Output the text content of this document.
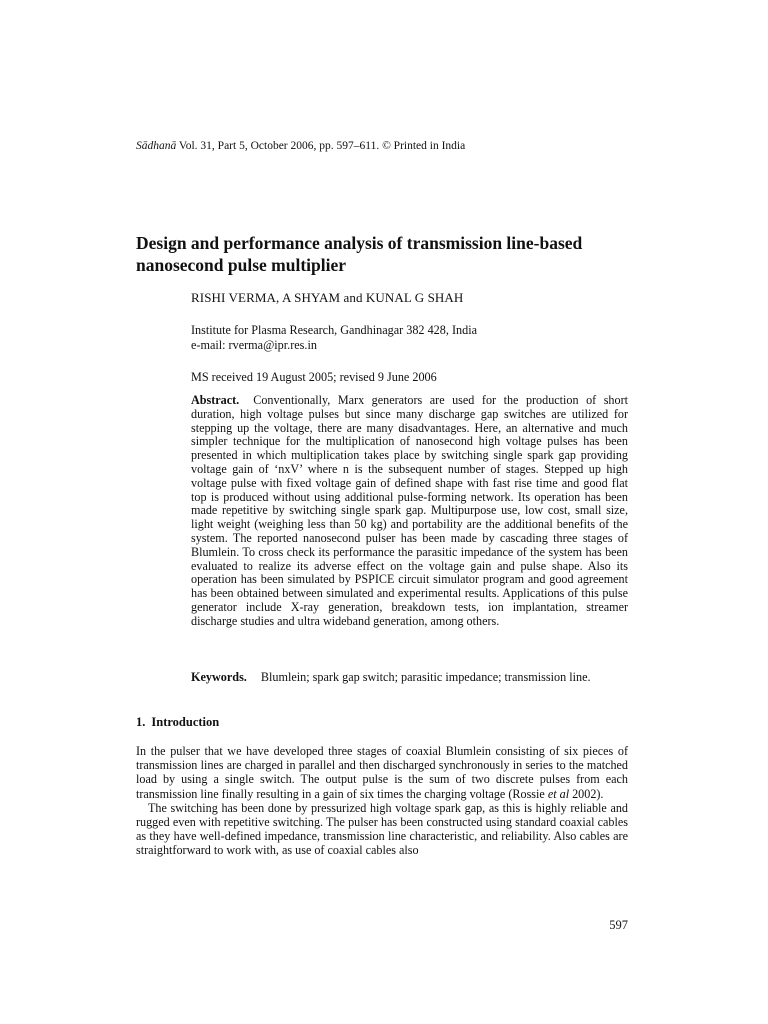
Sādhanā Vol. 31, Part 5, October 2006, pp. 597–611. © Printed in India
Design and performance analysis of transmission line-based nanosecond pulse multiplier
RISHI VERMA, A SHYAM and KUNAL G SHAH
Institute for Plasma Research, Gandhinagar 382 428, India
e-mail: rverma@ipr.res.in
MS received 19 August 2005; revised 9 June 2006

Abstract. Conventionally, Marx generators are used for the production of short duration, high voltage pulses but since many discharge gap switches are utilized for stepping up the voltage, there are many disadvantages. Here, an alternative and much simpler technique for the multiplication of nanosecond high voltage pulses has been presented in which multiplication takes place by switching single spark gap providing voltage gain of ‘nxV’ where n is the subsequent number of stages. Stepped up high voltage pulse with fixed voltage gain of defined shape with fast rise time and good flat top is produced without using additional pulse-forming network. Its operation has been made repetitive by switching single spark gap. Multipurpose use, low cost, small size, light weight (weighing less than 50 kg) and portability are the additional benefits of the system. The reported nanosecond pulser has been made by cascading three stages of Blumlein. To cross check its performance the parasitic impedance of the system has been evaluated to realize its adverse effect on the voltage gain and pulse shape. Also its operation has been simulated by PSPICE circuit simulator program and good agreement has been obtained between simulated and experimental results. Applications of this pulse generator include X-ray generation, breakdown tests, ion implantation, streamer discharge studies and ultra wideband generation, among others.

Keywords. Blumlein; spark gap switch; parasitic impedance; transmission line.
1. Introduction

In the pulser that we have developed three stages of coaxial Blumlein consisting of six pieces of transmission lines are charged in parallel and then discharged synchronously in series to the matched load by using a single switch. The output pulse is the sum of two discrete pulses from each transmission line finally resulting in a gain of six times the charging voltage (Rossie et al 2002).

The switching has been done by pressurized high voltage spark gap, as this is highly reliable and rugged even with repetitive switching. The pulser has been constructed using standard coaxial cables as they have well-defined impedance, transmission line characteristic, and reliability. Also cables are straightforward to work with, as use of coaxial cables also

597
